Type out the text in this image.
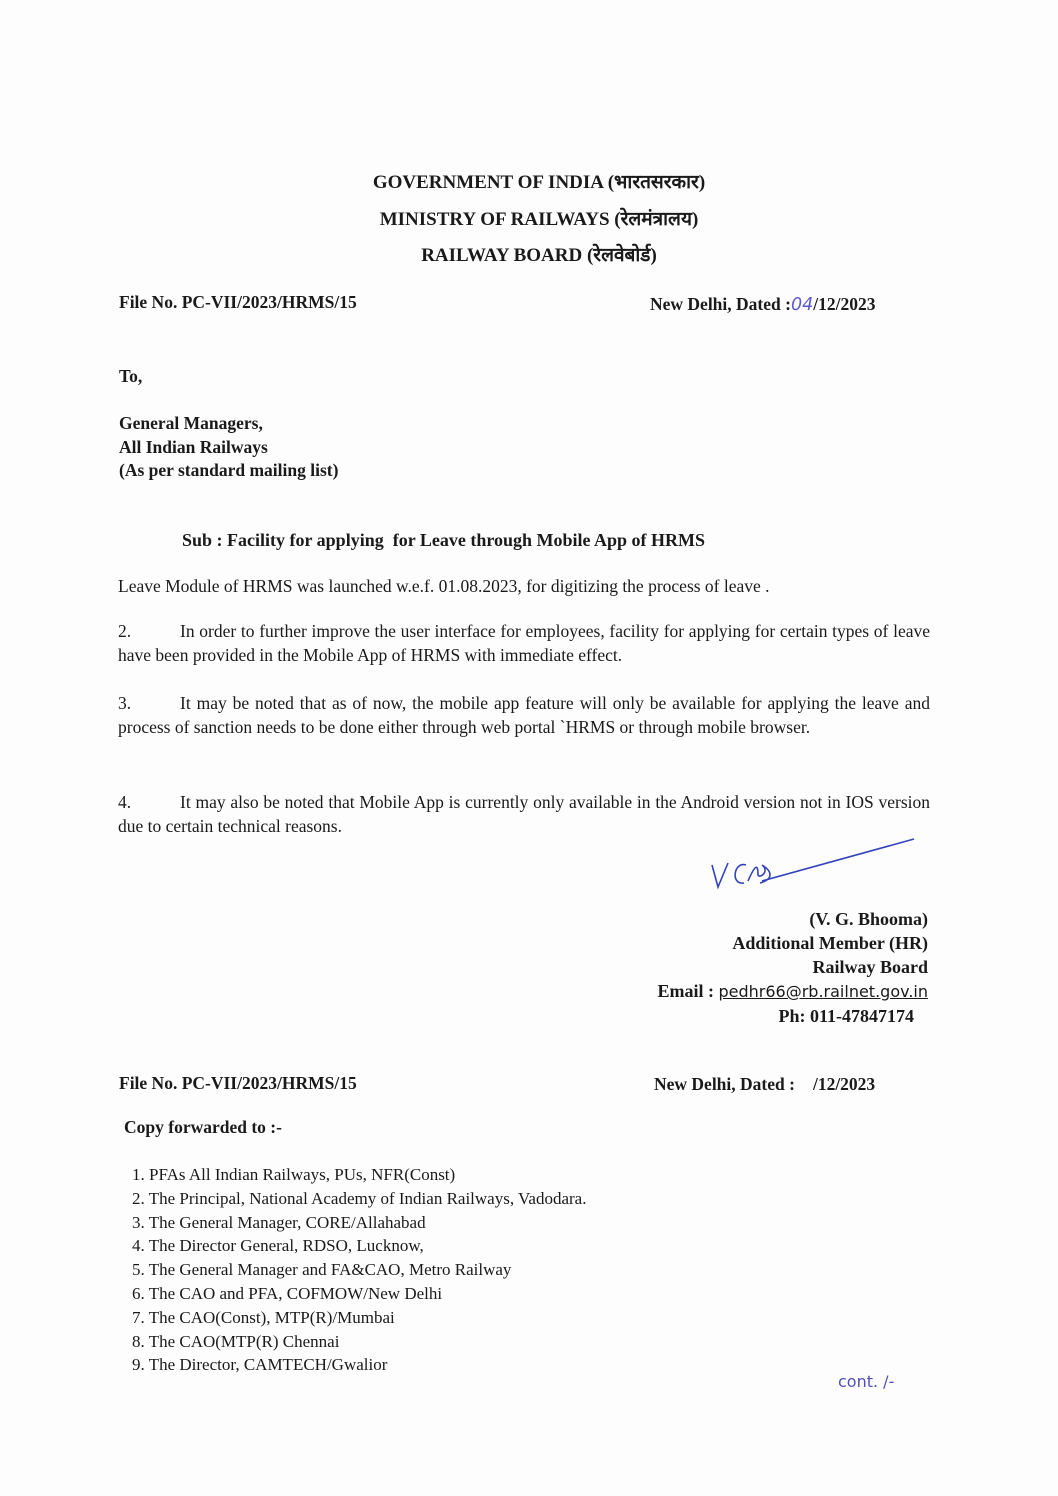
GOVERNMENT OF INDIA (भारतसरकार)
MINISTRY OF RAILWAYS (रेलमंत्रालय)
RAILWAY BOARD (रेलवेबोर्ड)
File No. PC-VII/2023/HRMS/15	New Delhi, Dated :04/12/2023
To,
General Managers,
All Indian Railways
(As per standard mailing list)
Sub : Facility for applying  for Leave through Mobile App of HRMS
Leave Module of HRMS was launched w.e.f. 01.08.2023, for digitizing the process of leave .
2.	In order to further improve the user interface for employees, facility for applying for certain types of leave have been provided in the Mobile App of HRMS with immediate effect.
3.	It may be noted that as of now, the mobile app feature will only be available for applying the leave and process of sanction needs to be done either through web portal `HRMS or through mobile browser.
4.	It may also be noted that Mobile App is currently only available in the Android version not in IOS version due to certain technical reasons.
(V. G. Bhooma)
Additional Member (HR)
Railway Board
Email : pedhr66@rb.railnet.gov.in
Ph: 011-47847174
File No. PC-VII/2023/HRMS/15	New Delhi, Dated : /12/2023
Copy forwarded to :-
1. PFAs All Indian Railways, PUs, NFR(Const)
2. The Principal, National Academy of Indian Railways, Vadodara.
3. The General Manager, CORE/Allahabad
4. The Director General, RDSO, Lucknow,
5. The General Manager and FA&CAO, Metro Railway
6. The CAO and PFA, COFMOW/New Delhi
7. The CAO(Const), MTP(R)/Mumbai
8. The CAO(MTP(R) Chennai
9. The Director, CAMTECH/Gwalior
cont. /-
